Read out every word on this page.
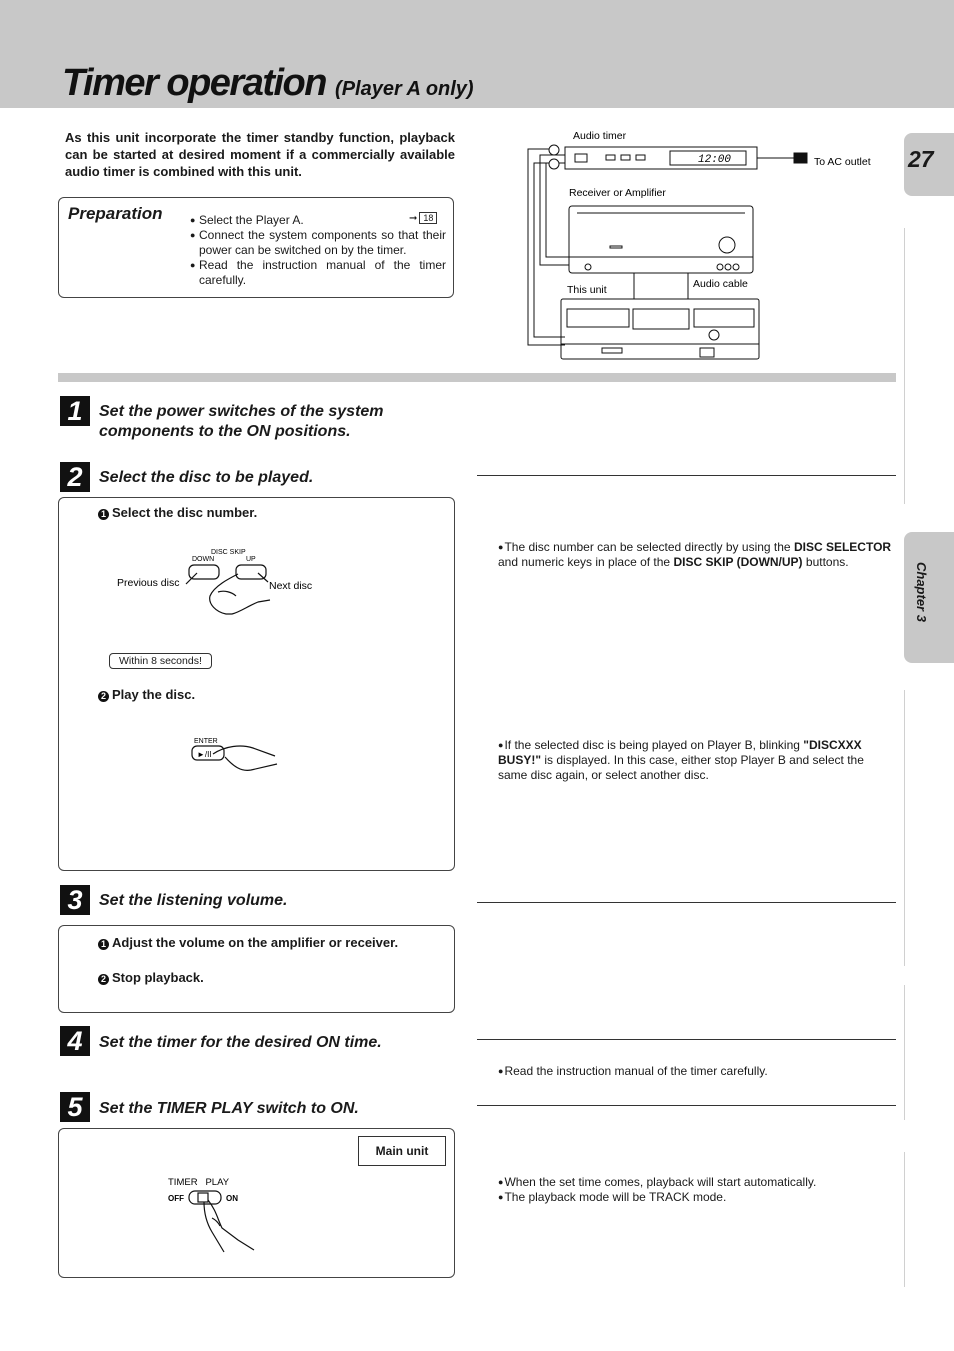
Timer operation (Player A only)
27
Chapter 3
As this unit incorporate the timer standby function, playback can be started at desired moment if a commercially available audio timer is combined with this unit.
Preparation
●	Select the Player A.
● Connect the system components so that their power can be switched on by the timer.
● Read the instruction manual of the timer carefully.
➞ 18
12:00
Audio timer
To AC outlet
Receiver or Amplifier
This unit	Audio cable
1	Set the power switches of the system components to the ON positions.
2	Select the disc to be played.
1 Select the disc number.
DISC SKIP
DOWN	UP
Previous disc	Next disc
Within 8 seconds!
2 Play the disc.
ENTER
►/II
●The disc number can be selected directly by using the DISC SELECTOR and numeric keys in place of the DISC SKIP (DOWN/UP) buttons.
●If the selected disc is being played on Player B, blinking "DISCXXX BUSY!" is displayed. In this case, either stop Player B and select the same disc again, or select another disc.
3	Set the listening volume.
1 Adjust the volume on the amplifier or receiver.
2 Stop playback.
4	Set the timer for the desired ON time.
●Read the instruction manual of the timer carefully.
5	Set the TIMER PLAY switch to ON.
Main unit
TIMER   PLAY
OFF	ON
●When the set time comes, playback will start automatically.
●The playback mode will be TRACK mode.
